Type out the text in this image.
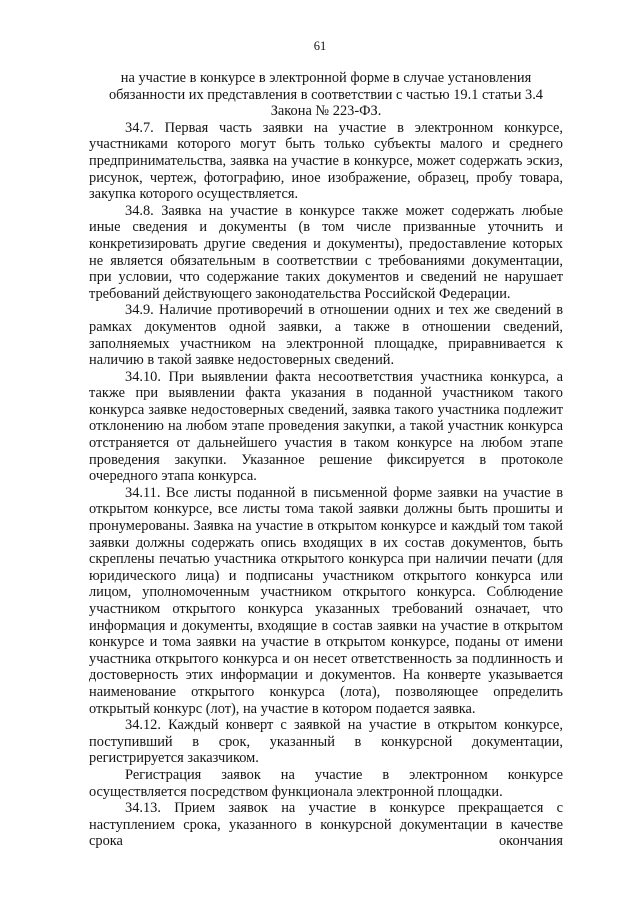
61

на участие в конкурсе в электронной форме в случае установления обязанности их представления в соответствии с частью 19.1 статьи 3.4 Закона № 223-ФЗ.

34.7. Первая часть заявки на участие в электронном конкурсе, участниками которого могут быть только субъекты малого и среднего предпринимательства, заявка на участие в конкурсе, может содержать эскиз, рисунок, чертеж, фотографию, иное изображение, образец, пробу товара, закупка которого осуществляется.

34.8. Заявка на участие в конкурсе также может содержать любые иные сведения и документы (в том числе призванные уточнить и конкретизировать другие сведения и документы), предоставление которых не является обязательным в соответствии с требованиями документации, при условии, что содержание таких документов и сведений не нарушает требований действующего законодательства Российской Федерации.

34.9. Наличие противоречий в отношении одних и тех же сведений в рамках документов одной заявки, а также в отношении сведений, заполняемых участником на электронной площадке, приравнивается к наличию в такой заявке недостоверных сведений.

34.10. При выявлении факта несоответствия участника конкурса, а также при выявлении факта указания в поданной участником такого конкурса заявке недостоверных сведений, заявка такого участника подлежит отклонению на любом этапе проведения закупки, а такой участник конкурса отстраняется от дальнейшего участия в таком конкурсе на любом этапе проведения закупки. Указанное решение фиксируется в протоколе очередного этапа конкурса.

34.11. Все листы поданной в письменной форме заявки на участие в открытом конкурсе, все листы тома такой заявки должны быть прошиты и пронумерованы. Заявка на участие в открытом конкурсе и каждый том такой заявки должны содержать опись входящих в их состав документов, быть скреплены печатью участника открытого конкурса при наличии печати (для юридического лица) и подписаны участником открытого конкурса или лицом, уполномоченным участником открытого конкурса. Соблюдение участником открытого конкурса указанных требований означает, что информация и документы, входящие в состав заявки на участие в открытом конкурсе и тома заявки на участие в открытом конкурсе, поданы от имени участника открытого конкурса и он несет ответственность за подлинность и достоверность этих информации и документов. На конверте указывается наименование открытого конкурса (лота), позволяющее определить открытый конкурс (лот), на участие в котором подается заявка.

34.12. Каждый конверт с заявкой на участие в открытом конкурсе, поступивший в срок, указанный в конкурсной документации, регистрируется заказчиком.

Регистрация заявок на участие в электронном конкурсе осуществляется посредством функционала электронной площадки.

34.13. Прием заявок на участие в конкурсе прекращается с наступлением срока, указанного в конкурсной документации в качестве срока окончания
